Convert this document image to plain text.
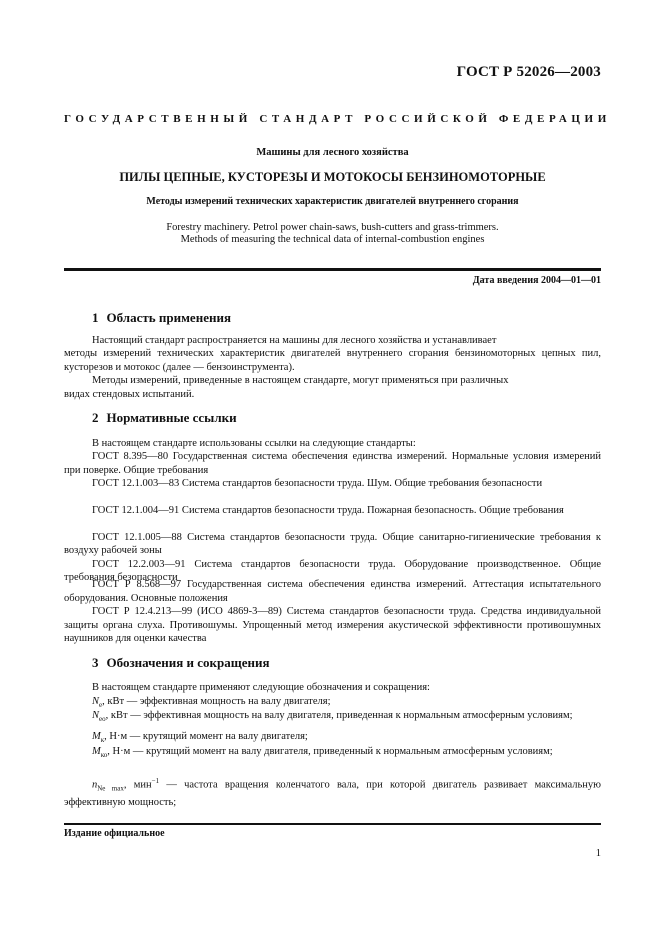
ГОСТ Р 52026—2003
ГОСУДАРСТВЕННЫЙ СТАНДАРТ РОССИЙСКОЙ ФЕДЕРАЦИИ
Машины для лесного хозяйства
ПИЛЫ ЦЕПНЫЕ, КУСТОРЕЗЫ И МОТОКОСЫ БЕНЗИНОМОТОРНЫЕ
Методы измерений технических характеристик двигателей внутреннего сгорания
Forestry machinery. Petrol power chain-saws, bush-cutters and grass-trimmers.
Methods of measuring the technical data of internal-combustion engines
Дата введения 2004—01—01
1 Область применения
Настоящий стандарт распространяется на машины для лесного хозяйства и устанавливает
методы измерений технических характеристик двигателей внутреннего сгорания бензиномоторных цепных пил, кусторезов и мотокос (далее — бензоинструмента).
Методы измерений, приведенные в настоящем стандарте, могут применяться при различных
видах стендовых испытаний.
2 Нормативные ссылки
В настоящем стандарте использованы ссылки на следующие стандарты:
ГОСТ 8.395—80 Государственная система обеспечения единства измерений. Нормальные условия измерений при поверке. Общие требования
ГОСТ 12.1.003—83 Система стандартов безопасности труда. Шум. Общие требования безопасности
ГОСТ 12.1.004—91 Система стандартов безопасности труда. Пожарная безопасность. Общие требования
ГОСТ 12.1.005—88 Система стандартов безопасности труда. Общие санитарно-гигиенические требования к воздуху рабочей зоны
ГОСТ 12.2.003—91 Система стандартов безопасности труда. Оборудование производственное. Общие требования безопасности
ГОСТ Р 8.568—97 Государственная система обеспечения единства измерений. Аттестация испытательного оборудования. Основные положения
ГОСТ Р 12.4.213—99 (ИСО 4869-3—89) Система стандартов безопасности труда. Средства индивидуальной защиты органа слуха. Противошумы. Упрощенный метод измерения акустической эффективности противошумных наушников для оценки качества
3 Обозначения и сокращения
В настоящем стандарте применяют следующие обозначения и сокращения:
$N_e$, кВт — эффективная мощность на валу двигателя;
$N_{eo}$, кВт — эффективная мощность на валу двигателя, приведенная к нормальным атмосферным условиям;
$M_к$, Н·м — крутящий момент на валу двигателя;
$M_{ко}$, Н·м — крутящий момент на валу двигателя, приведенный к нормальным атмосферным условиям;
$n_{Ne max}$, мин$^{-1}$ — частота вращения коленчатого вала, при которой двигатель развивает максимальную эффективную мощность;
Издание официальное
1
